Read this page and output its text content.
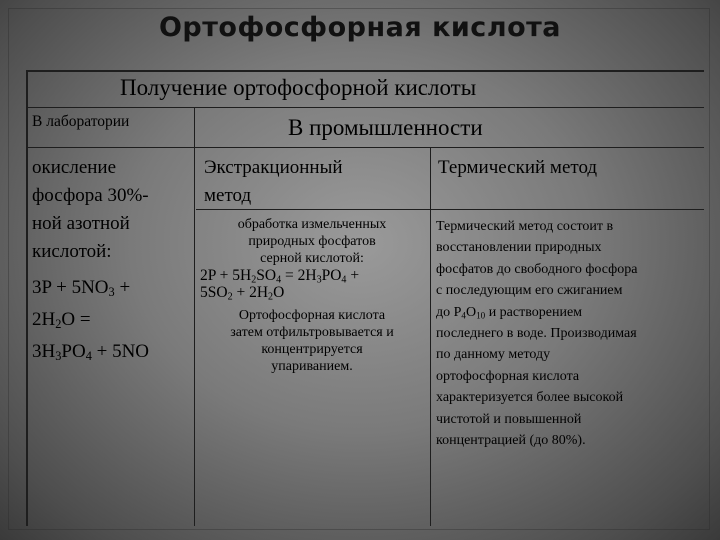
Ортофосфорная кислота
Получение ортофосфорной кислоты
В лаборатории	В промышленности
окисление
фосфора 30%-
ной азотной
кислотой:
$3P + 5NO_3$ +
$2H_2O$ =
$3H_3PO_4 + 5NO$
Экстракционный
метод
обработка измельченных
природных фосфатов
серной кислотой:
$2P + 5H_2SO_4 = 2H_3PO_4$ +
$5SO_2 + 2H_2O$
Ортофосфорная кислота
затем отфильтровывается и
концентрируется
упариванием.
Термический метод
Термический метод состоит в
восстановлении природных
фосфатов до свободного фосфора
с последующим его сжиганием
до $P_4O_{10}$ и растворением
последнего в воде. Производимая
по данному методу
ортофосфорная кислота
характеризуется более высокой
чистотой и повышенной
концентрацией (до 80%).
